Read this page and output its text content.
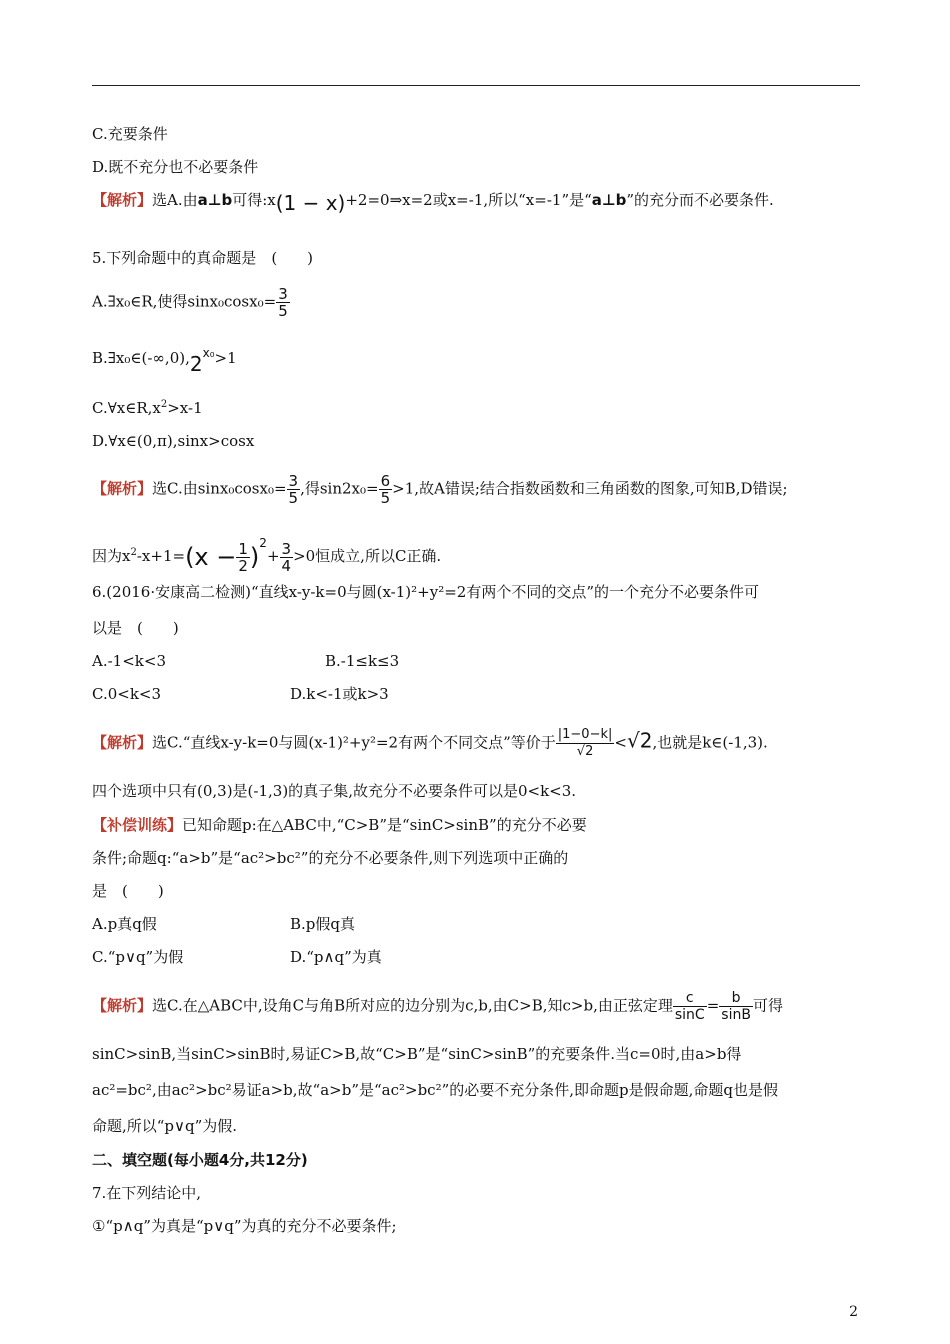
C.充要条件
D.既不充分也不必要条件
【解析】选A.由a⊥b可得:x(1 − x)+2=0⇒x=2或x=-1,所以“x=-1”是“a⊥b”的充分而不必要条件.
5.下列命题中的真命题是　(　　)
A.∃x₀∈R,使得$\sin x_0\cos x_0= \frac{3}{5}$
$B.\exists x_0\in(-\infty,0),2^{x_0}>1$
$C.\forall x\in R,x^2>x-1$
D.∀x∈(0,π),sinx>cosx
【解析】选C.由$\sin x_0\cos x_0= \frac{3}{5}$ ,得$\sin 2x_0= \frac{6}{5} >1$,故A错误;结合指数函数和三角函数的图象,可知B,D错误;
因为$x^2-x+1=(x - \frac{1}{2} )^2+ \frac{3}{4} >0$恒成立,所以C正确.
6.(2016·安康高二检测)“直线x-y-k=0与圆(x-1)²+y²=2有两个不同的交点”的一个充分不必要条件可
以是　(　　)
A.-1<k<3	B.-1≤k≤3
C.0<k<3	D.k<-1或k>3
【解析】选C.“直线x-y-k=0与圆(x-1)²+y²=2有两个不同交点”等价于 $\frac{|1-0-k|}{√2} <√2$,也就是k∈(-1,3).
四个选项中只有(0,3)是(-1,3)的真子集,故充分不必要条件可以是0<k<3.
【补偿训练】已知命题p:在△ABC中,“C>B”是“sinC>sinB”的充分不必要
条件;命题q:“a>b”是“ac²>bc²”的充分不必要条件,则下列选项中正确的
是　(　　)
A.p真q假	B.p假q真
C.“p∨q”为假	D.“p∧q”为真
【解析】选C.在△ABC中,设角C与角B所对应的边分别为c,b,由C>B,知c>b,由正弦定理 $\frac{c}{\sin C} = \frac{b}{\sin B}$ 可得
sinC>sinB,当sinC>sinB时,易证C>B,故“C>B”是“sinC>sinB”的充要条件.当c=0时,由a>b得
ac²=bc²,由ac²>bc²易证a>b,故“a>b”是“ac²>bc²”的必要不充分条件,即命题p是假命题,命题q也是假
命题,所以“p∨q”为假.
二、填空题(每小题4分,共12分)
7.在下列结论中,
①“p∧q”为真是“p∨q”为真的充分不必要条件;
2
